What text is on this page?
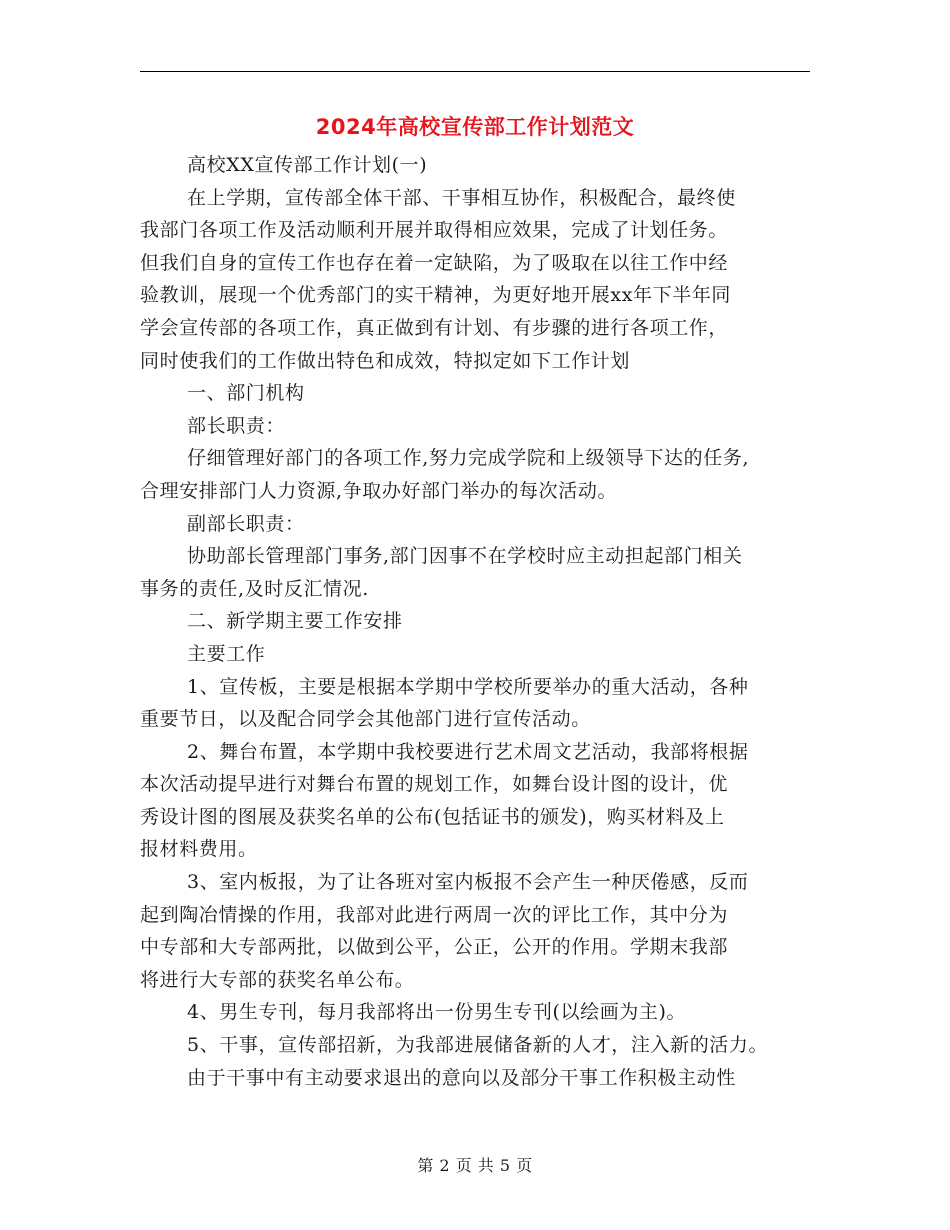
2024年高校宣传部工作计划范文
高校XX宣传部工作计划(一)
在上学期，宣传部全体干部、干事相互协作，积极配合，最终使
我部门各项工作及活动顺利开展并取得相应效果，完成了计划任务。
但我们自身的宣传工作也存在着一定缺陷，为了吸取在以往工作中经
验教训，展现一个优秀部门的实干精神，为更好地开展xx年下半年同
学会宣传部的各项工作，真正做到有计划、有步骤的进行各项工作，
同时使我们的工作做出特色和成效，特拟定如下工作计划
一、部门机构
部长职责：
仔细管理好部门的各项工作,努力完成学院和上级领导下达的任务,
合理安排部门人力资源,争取办好部门举办的每次活动。
副部长职责：
协助部长管理部门事务,部门因事不在学校时应主动担起部门相关
事务的责任,及时反汇情况.
二、新学期主要工作安排
主要工作
1、宣传板，主要是根据本学期中学校所要举办的重大活动，各种
重要节日，以及配合同学会其他部门进行宣传活动。
2、舞台布置，本学期中我校要进行艺术周文艺活动，我部将根据
本次活动提早进行对舞台布置的规划工作，如舞台设计图的设计，优
秀设计图的图展及获奖名单的公布(包括证书的颁发)，购买材料及上
报材料费用。
3、室内板报，为了让各班对室内板报不会产生一种厌倦感，反而
起到陶冶情操的作用，我部对此进行两周一次的评比工作，其中分为
中专部和大专部两批，以做到公平，公正，公开的作用。学期末我部
将进行大专部的获奖名单公布。
4、男生专刊，每月我部将出一份男生专刊(以绘画为主)。
5、干事，宣传部招新，为我部进展储备新的人才，注入新的活力。
由于干事中有主动要求退出的意向以及部分干事工作积极主动性
第 2 页 共 5 页
